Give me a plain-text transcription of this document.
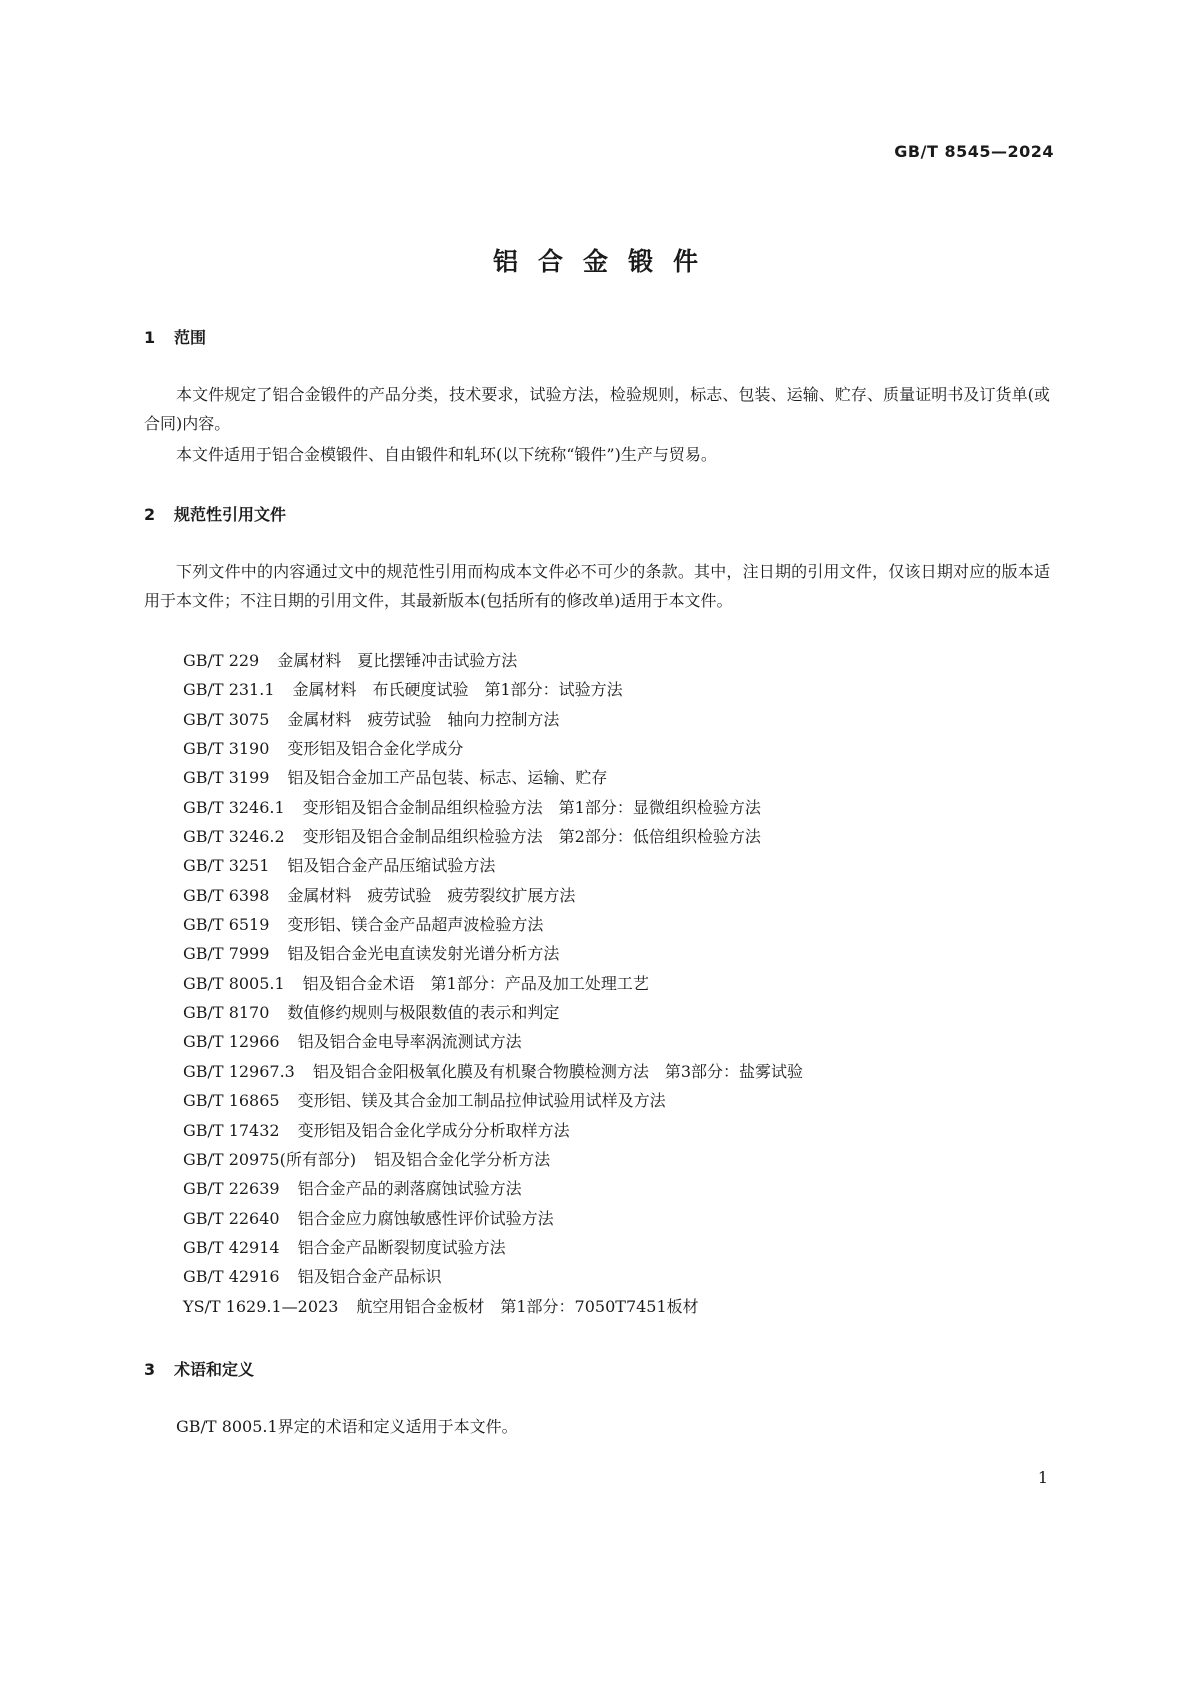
GB/T 8545—2024
铝合金锻件
1 范围

本文件规定了铝合金锻件的产品分类，技术要求，试验方法，检验规则，标志、包装、运输、贮存、质量证明书及订货单(或合同)内容。

本文件适用于铝合金模锻件、自由锻件和轧环(以下统称“锻件”)生产与贸易。

2 规范性引用文件

下列文件中的内容通过文中的规范性引用而构成本文件必不可少的条款。其中，注日期的引用文件，仅该日期对应的版本适用于本文件；不注日期的引用文件，其最新版本(包括所有的修改单)适用于本文件。

GB/T 229 金属材料　夏比摆锤冲击试验方法
GB/T 231.1 金属材料　布氏硬度试验　第1部分：试验方法
GB/T 3075 金属材料　疲劳试验　轴向力控制方法
GB/T 3190 变形铝及铝合金化学成分
GB/T 3199 铝及铝合金加工产品包装、标志、运输、贮存
GB/T 3246.1 变形铝及铝合金制品组织检验方法　第1部分：显微组织检验方法
GB/T 3246.2 变形铝及铝合金制品组织检验方法　第2部分：低倍组织检验方法
GB/T 3251 铝及铝合金产品压缩试验方法
GB/T 6398 金属材料　疲劳试验　疲劳裂纹扩展方法
GB/T 6519 变形铝、镁合金产品超声波检验方法
GB/T 7999 铝及铝合金光电直读发射光谱分析方法
GB/T 8005.1 铝及铝合金术语　第1部分：产品及加工处理工艺
GB/T 8170 数值修约规则与极限数值的表示和判定
GB/T 12966 铝及铝合金电导率涡流测试方法
GB/T 12967.3 铝及铝合金阳极氧化膜及有机聚合物膜检测方法　第3部分：盐雾试验
GB/T 16865 变形铝、镁及其合金加工制品拉伸试验用试样及方法
GB/T 17432 变形铝及铝合金化学成分分析取样方法
GB/T 20975(所有部分) 铝及铝合金化学分析方法
GB/T 22639 铝合金产品的剥落腐蚀试验方法
GB/T 22640 铝合金应力腐蚀敏感性评价试验方法
GB/T 42914 铝合金产品断裂韧度试验方法
GB/T 42916 铝及铝合金产品标识
YS/T 1629.1—2023 航空用铝合金板材　第1部分：7050T7451板材
3 术语和定义

GB/T 8005.1界定的术语和定义适用于本文件。

1
